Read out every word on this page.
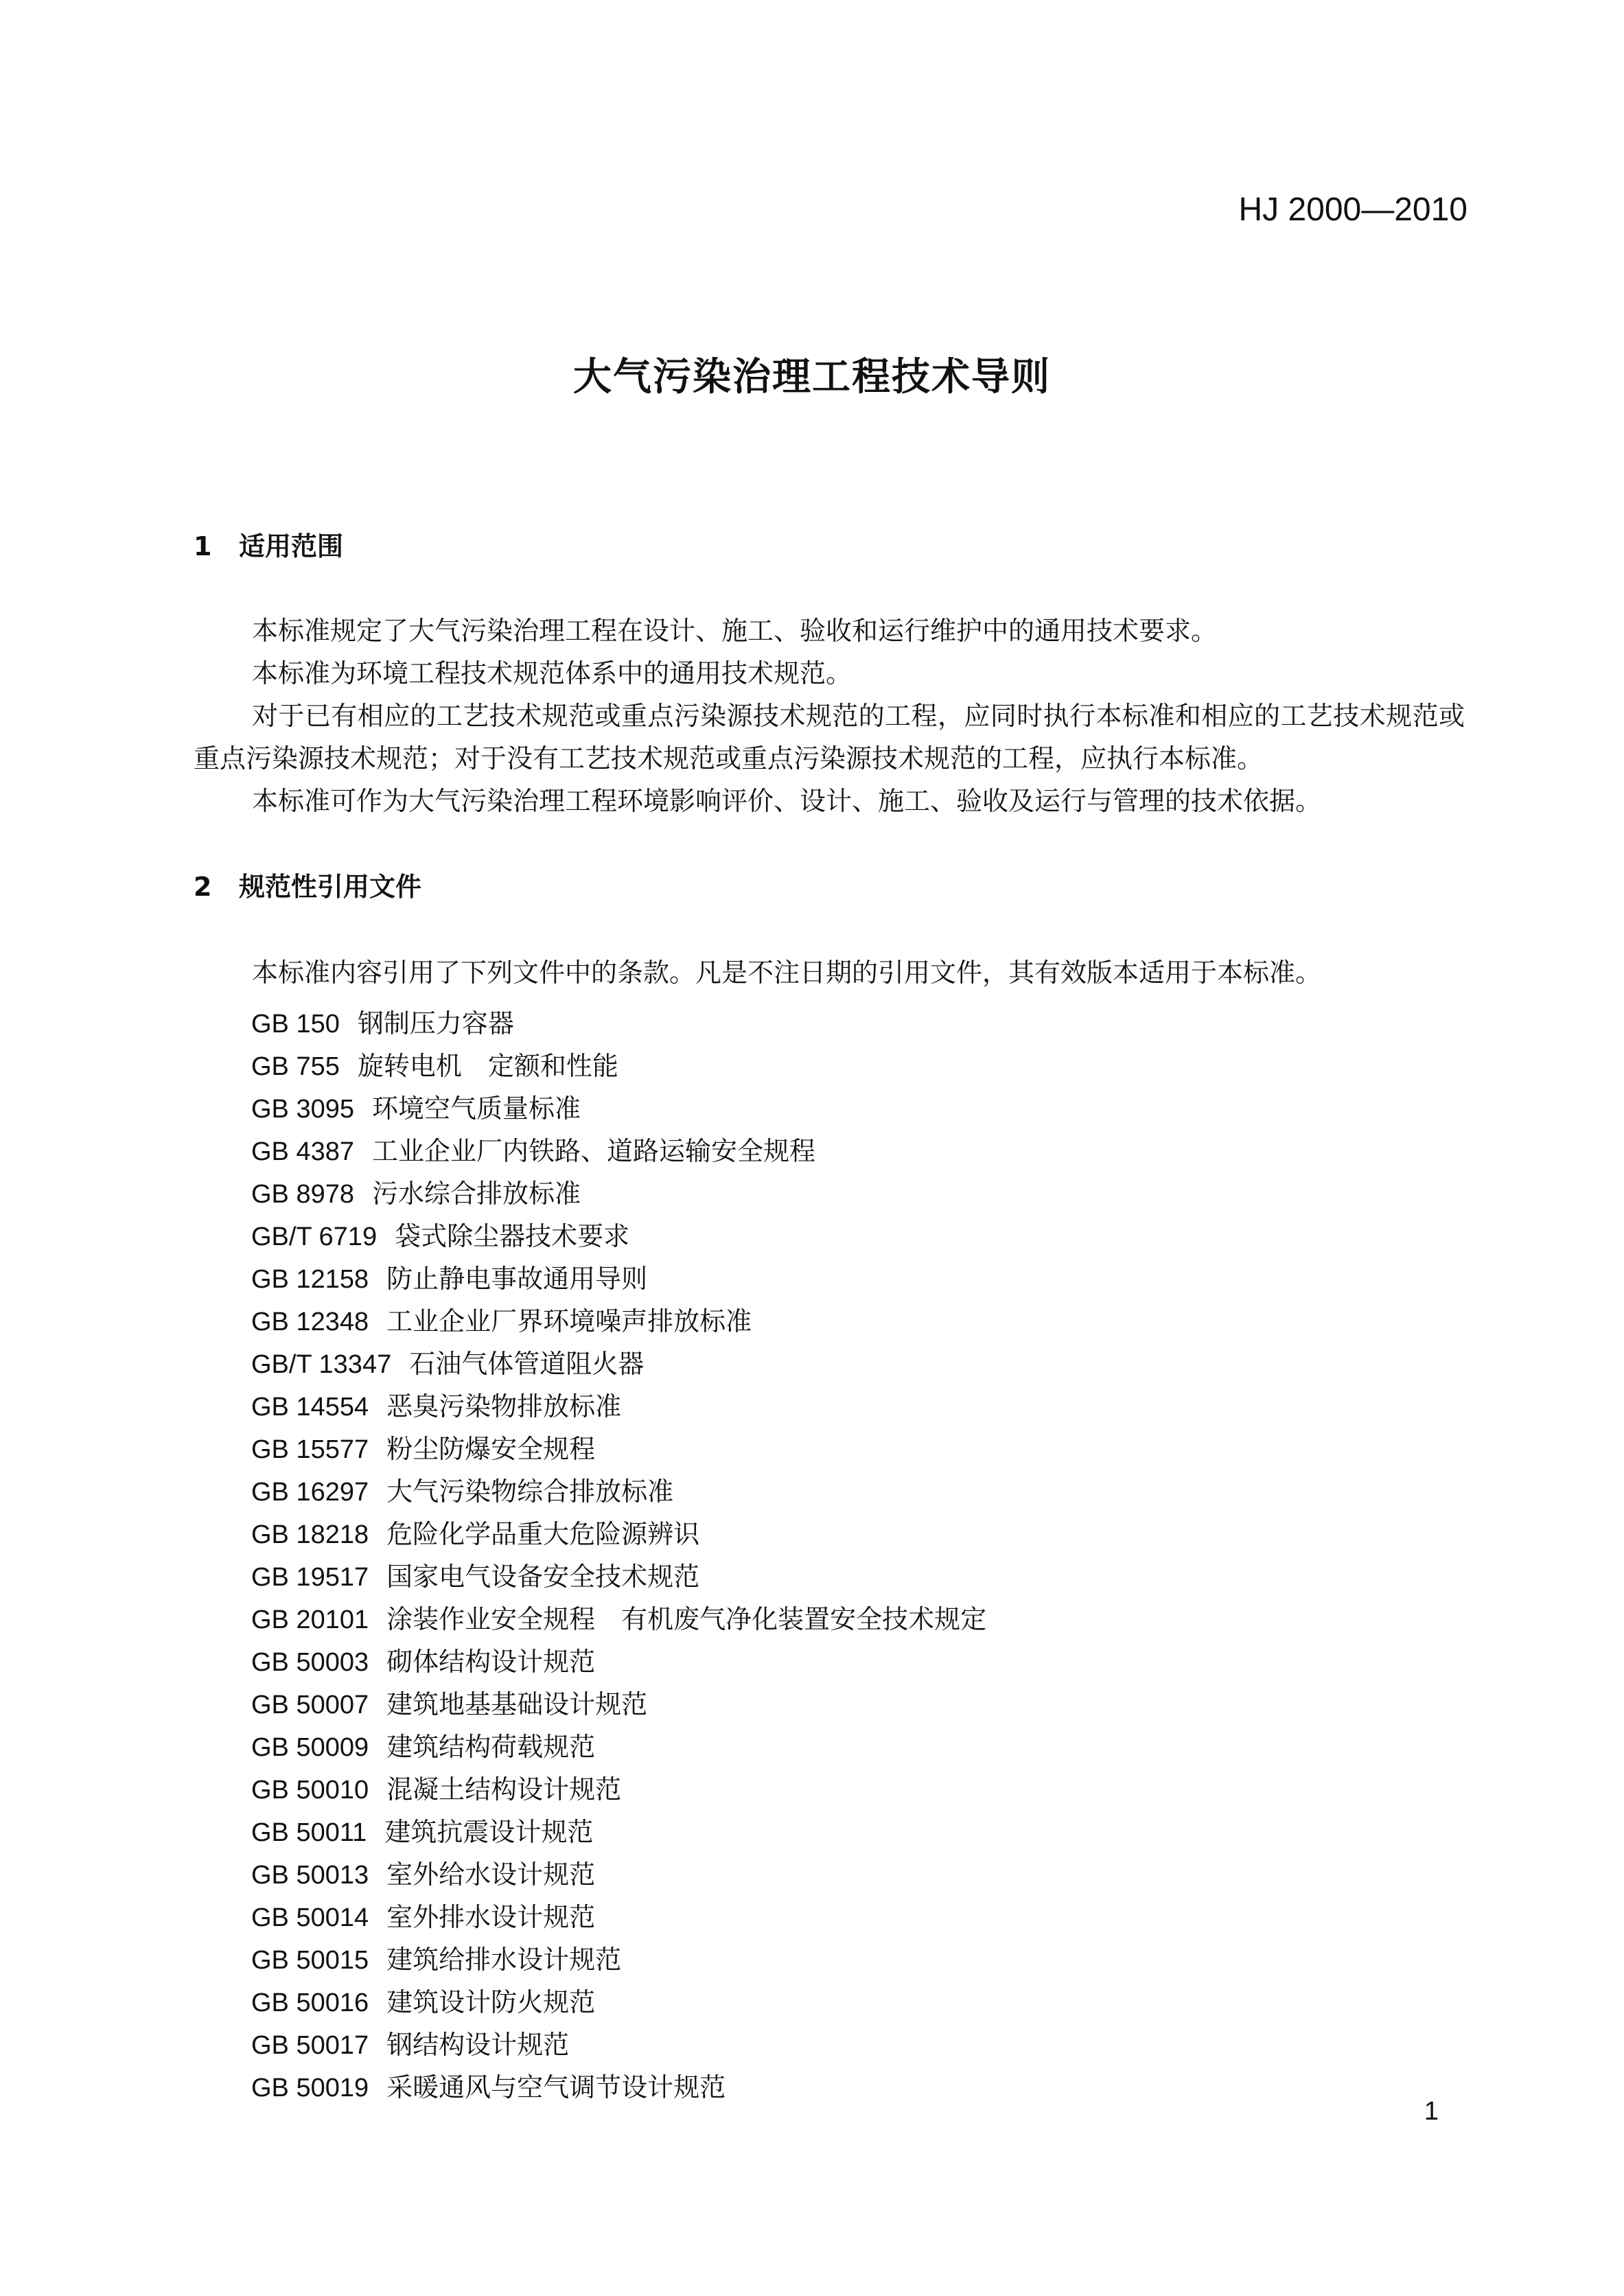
HJ 2000—2010
大气污染治理工程技术导则
1 适用范围

本标准规定了大气污染治理工程在设计、施工、验收和运行维护中的通用技术要求。

本标准为环境工程技术规范体系中的通用技术规范。

对于已有相应的工艺技术规范或重点污染源技术规范的工程，应同时执行本标准和相应的工艺技术规范或重点污染源技术规范；对于没有工艺技术规范或重点污染源技术规范的工程，应执行本标准。

本标准可作为大气污染治理工程环境影响评价、设计、施工、验收及运行与管理的技术依据。

2 规范性引用文件

本标准内容引用了下列文件中的条款。凡是不注日期的引用文件，其有效版本适用于本标准。

GB 150 钢制压力容器
GB 755 旋转电机　定额和性能
GB 3095 环境空气质量标准
GB 4387 工业企业厂内铁路、道路运输安全规程
GB 8978 污水综合排放标准
GB/T 6719 袋式除尘器技术要求
GB 12158 防止静电事故通用导则
GB 12348 工业企业厂界环境噪声排放标准
GB/T 13347 石油气体管道阻火器
GB 14554 恶臭污染物排放标准
GB 15577 粉尘防爆安全规程
GB 16297 大气污染物综合排放标准
GB 18218 危险化学品重大危险源辨识
GB 19517 国家电气设备安全技术规范
GB 20101 涂装作业安全规程　有机废气净化装置安全技术规定
GB 50003 砌体结构设计规范
GB 50007 建筑地基基础设计规范
GB 50009 建筑结构荷载规范
GB 50010 混凝土结构设计规范
GB 50011 建筑抗震设计规范
GB 50013 室外给水设计规范
GB 50014 室外排水设计规范
GB 50015 建筑给排水设计规范
GB 50016 建筑设计防火规范
GB 50017 钢结构设计规范
GB 50019 采暖通风与空气调节设计规范
1
